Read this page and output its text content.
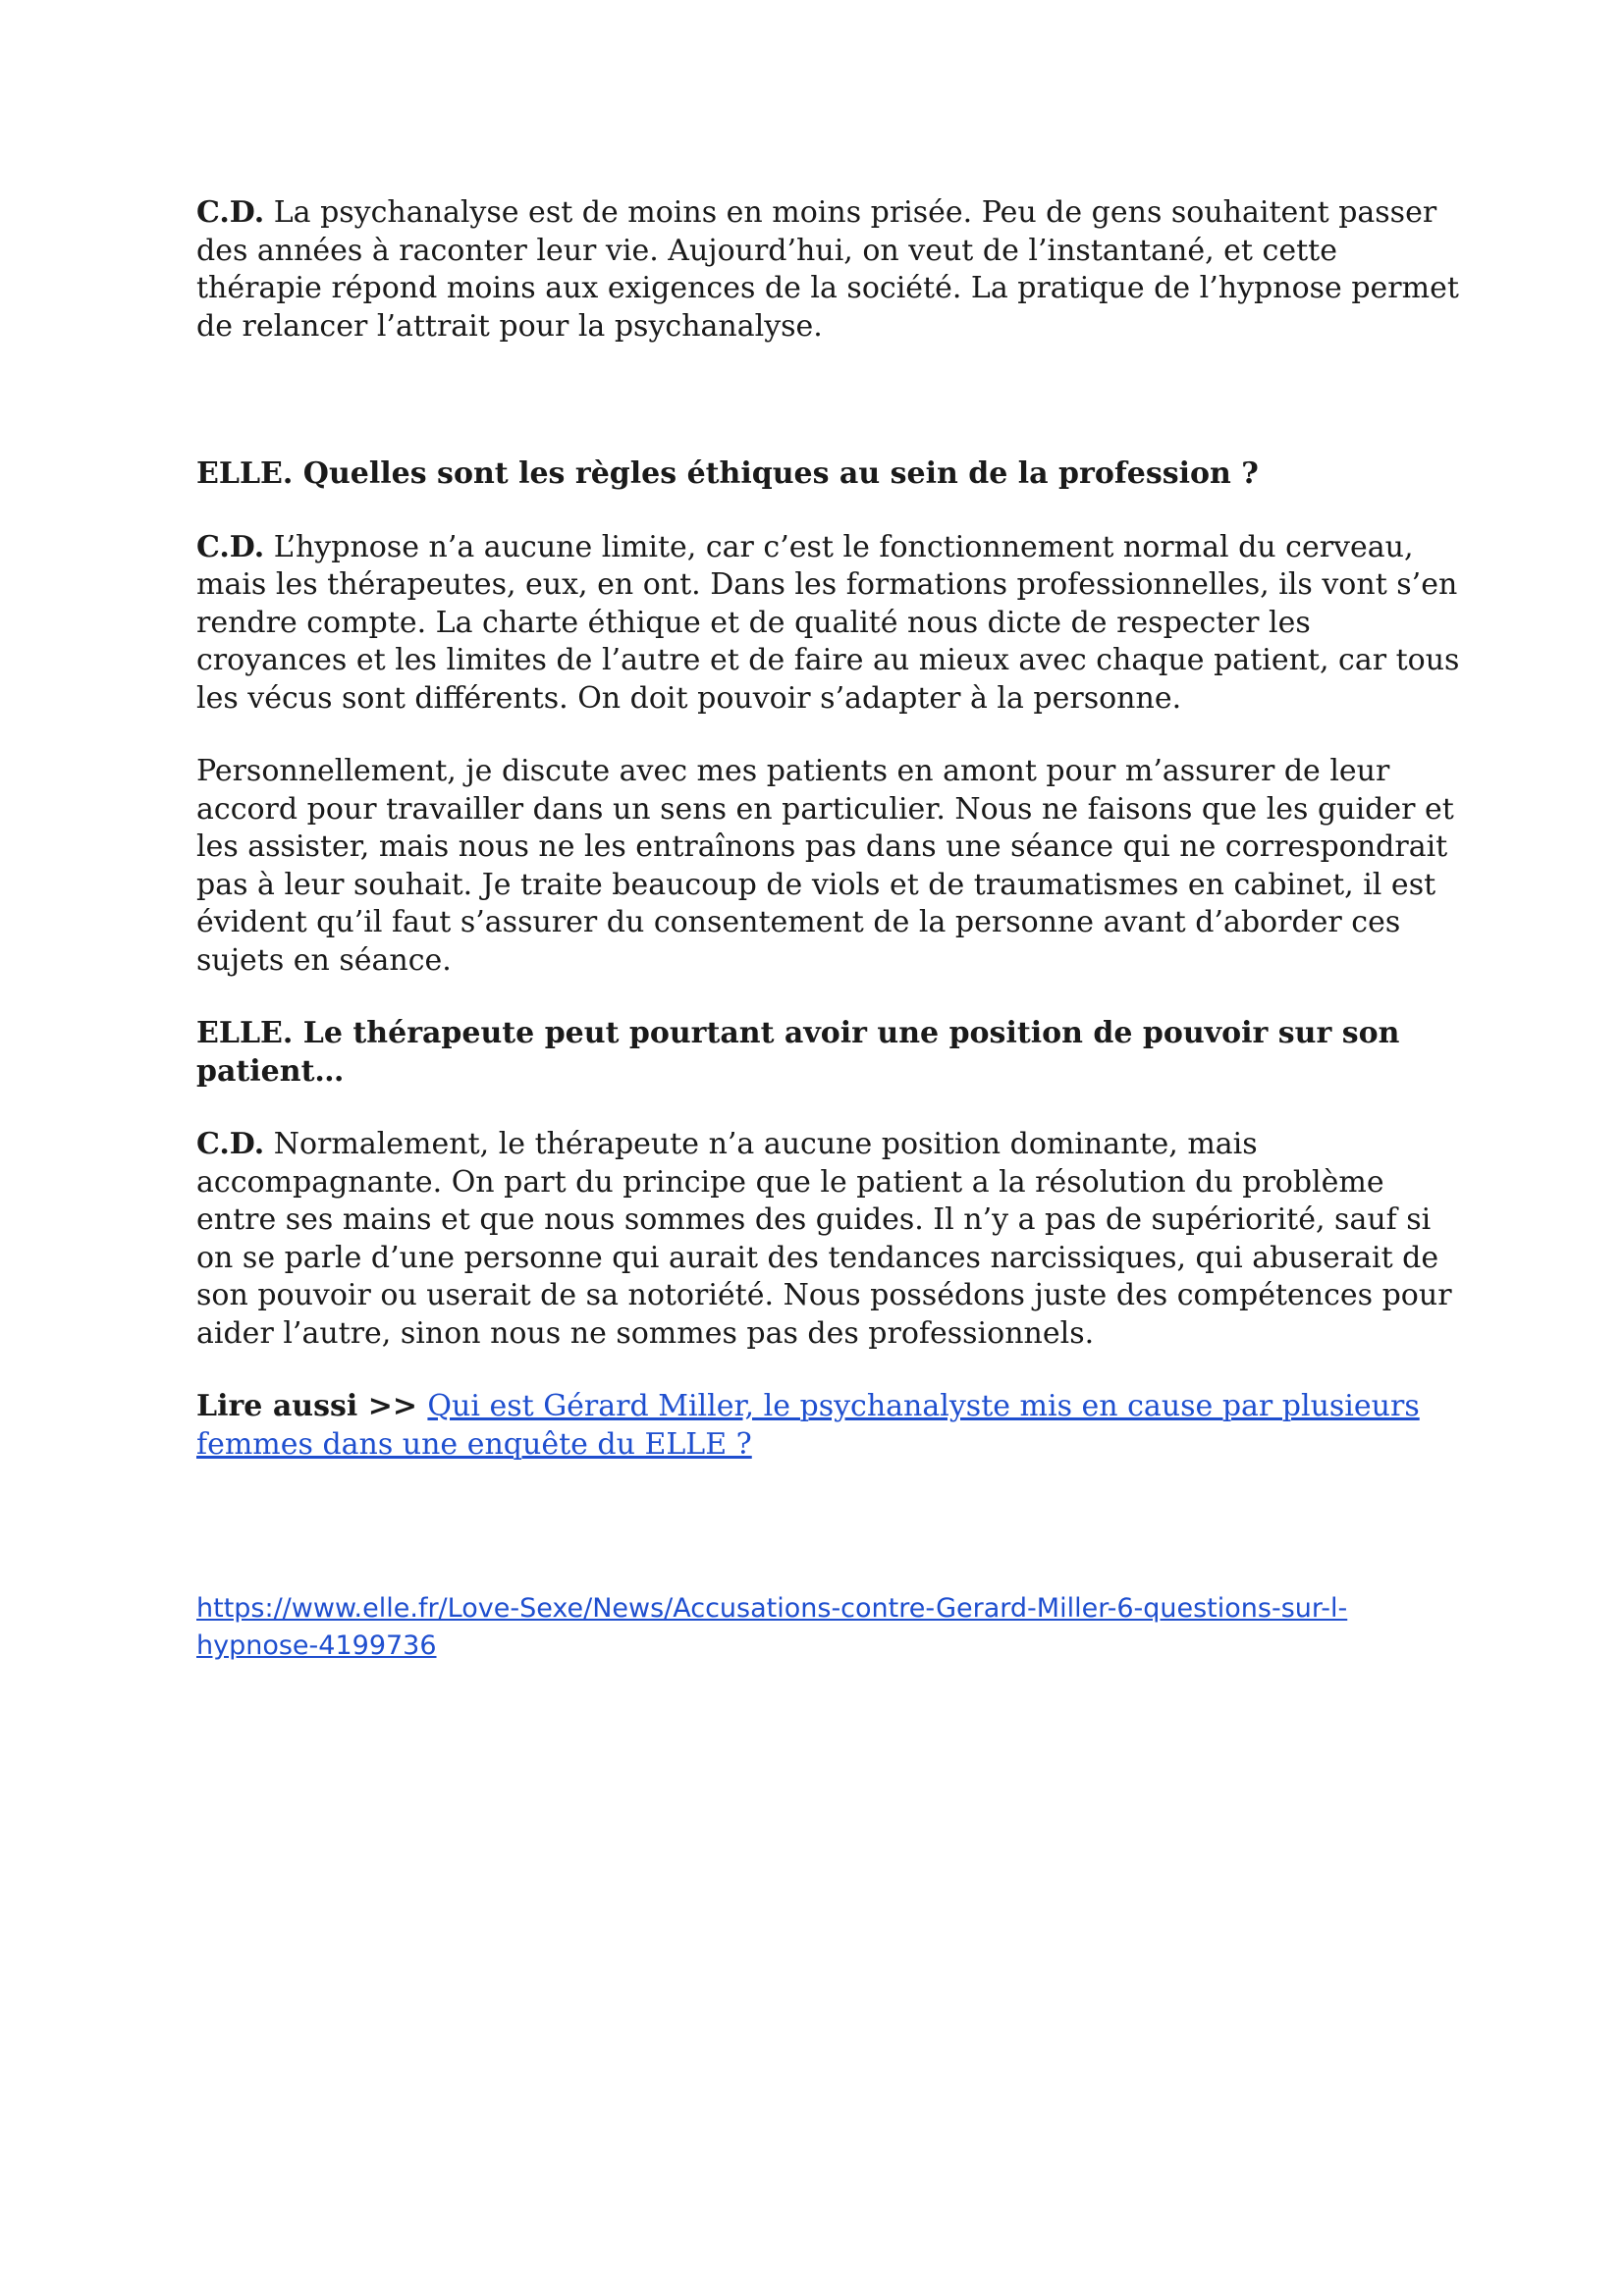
C.D. La psychanalyse est de moins en moins prisée. Peu de gens souhaitent passer des années à raconter leur vie. Aujourd’hui, on veut de l’instantané, et cette thérapie répond moins aux exigences de la société. La pratique de l’hypnose permet de relancer l’attrait pour la psychanalyse.

ELLE. Quelles sont les règles éthiques au sein de la profession ?

C.D. L’hypnose n’a aucune limite, car c’est le fonctionnement normal du cerveau, mais les thérapeutes, eux, en ont. Dans les formations professionnelles, ils vont s’en rendre compte. La charte éthique et de qualité nous dicte de respecter les croyances et les limites de l’autre et de faire au mieux avec chaque patient, car tous les vécus sont différents. On doit pouvoir s’adapter à la personne.

Personnellement, je discute avec mes patients en amont pour m’assurer de leur accord pour travailler dans un sens en particulier. Nous ne faisons que les guider et les assister, mais nous ne les entraînons pas dans une séance qui ne correspondrait pas à leur souhait. Je traite beaucoup de viols et de traumatismes en cabinet, il est évident qu’il faut s’assurer du consentement de la personne avant d’aborder ces sujets en séance.

ELLE. Le thérapeute peut pourtant avoir une position de pouvoir sur son patient…

C.D. Normalement, le thérapeute n’a aucune position dominante, mais accompagnante. On part du principe que le patient a la résolution du problème entre ses mains et que nous sommes des guides. Il n’y a pas de supériorité, sauf si on se parle d’une personne qui aurait des tendances narcissiques, qui abuserait de son pouvoir ou userait de sa notoriété. Nous possédons juste des compétences pour aider l’autre, sinon nous ne sommes pas des professionnels.

Lire aussi >> Qui est Gérard Miller, le psychanalyste mis en cause par plusieurs femmes dans une enquête du ELLE ?

https://www.elle.fr/Love-Sexe/News/Accusations-contre-Gerard-Miller-6-questions-sur-l-hypnose-4199736
